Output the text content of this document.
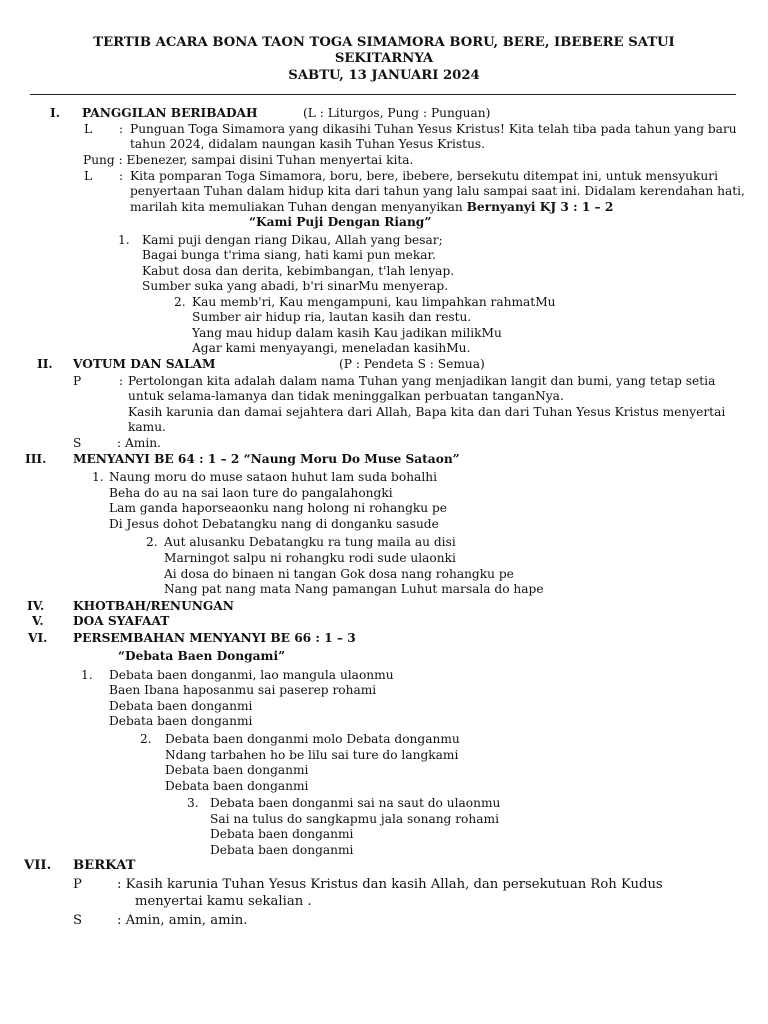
TERTIB ACARA BONA TAON TOGA SIMAMORA BORU, BERE, IBEBERE SATUI
SEKITARNYA
SABTU, 13 JANUARI 2024
I. PANGGILAN BERIBADAH	(L : Liturgos, Pung : Punguan)
L : Punguan Toga Simamora yang dikasihi Tuhan Yesus Kristus! Kita telah tiba pada tahun yang baru
tahun 2024, didalam naungan kasih Tuhan Yesus Kristus.
Pung : Ebenezer, sampai disini Tuhan menyertai kita.
L : Kita pomparan Toga Simamora, boru, bere, ibebere, bersekutu ditempat ini, untuk mensyukuri
penyertaan Tuhan dalam hidup kita dari tahun yang lalu sampai saat ini. Didalam kerendahan hati,
marilah kita memuliakan Tuhan dengan menyanyikan Bernyanyi KJ 3 : 1 – 2
“Kami Puji Dengan Riang”
1. Kami puji dengan riang Dikau, Allah yang besar;
Bagai bunga t'rima siang, hati kami pun mekar.
Kabut dosa dan derita, kebimbangan, t'lah lenyap.
Sumber suka yang abadi, b'ri sinarMu menyerap.
2. Kau memb'ri, Kau mengampuni, kau limpahkan rahmatMu
Sumber air hidup ria, lautan kasih dan restu.
Yang mau hidup dalam kasih Kau jadikan milikMu
Agar kami menyayangi, meneladan kasihMu.
II. VOTUM DAN SALAM	(P : Pendeta S : Semua)
P	: Pertolongan kita adalah dalam nama Tuhan yang menjadikan langit dan bumi, yang tetap setia
untuk selama-lamanya dan tidak meninggalkan perbuatan tanganNya.
Kasih karunia dan damai sejahtera dari Allah, Bapa kita dan dari Tuhan Yesus Kristus menyertai
kamu.
S	: Amin.
III. MENYANYI BE 64 : 1 – 2 “Naung Moru Do Muse Sataon”
1. Naung moru do muse sataon huhut lam suda bohalhi
Beha do au na sai laon ture do pangalahongki
Lam ganda haporseaonku nang holong ni rohangku pe
Di Jesus dohot Debatangku nang di donganku sasude
2. Aut alusanku Debatangku ra tung maila au disi
Marningot salpu ni rohangku rodi sude ulaonki
Ai dosa do binaen ni tangan Gok dosa nang rohangku pe
Nang pat nang mata Nang pamangan Luhut marsala do hape
IV. KHOTBAH/RENUNGAN
V. DOA SYAFAAT
VI. PERSEMBAHAN MENYANYI BE 66 : 1 – 3
“Debata Baen Dongami”
1. Debata baen donganmi, lao mangula ulaonmu
Baen Ibana haposanmu sai paserep rohami
Debata baen donganmi
Debata baen donganmi
2. Debata baen donganmi molo Debata donganmu
Ndang tarbahen ho be lilu sai ture do langkami
Debata baen donganmi
Debata baen donganmi
3. Debata baen donganmi sai na saut do ulaonmu
Sai na tulus do sangkapmu jala sonang rohami
Debata baen donganmi
Debata baen donganmi
VII. BERKAT
P	: Kasih karunia Tuhan Yesus Kristus dan kasih Allah, dan persekutuan Roh Kudus
menyertai kamu sekalian .
S	: Amin, amin, amin.
